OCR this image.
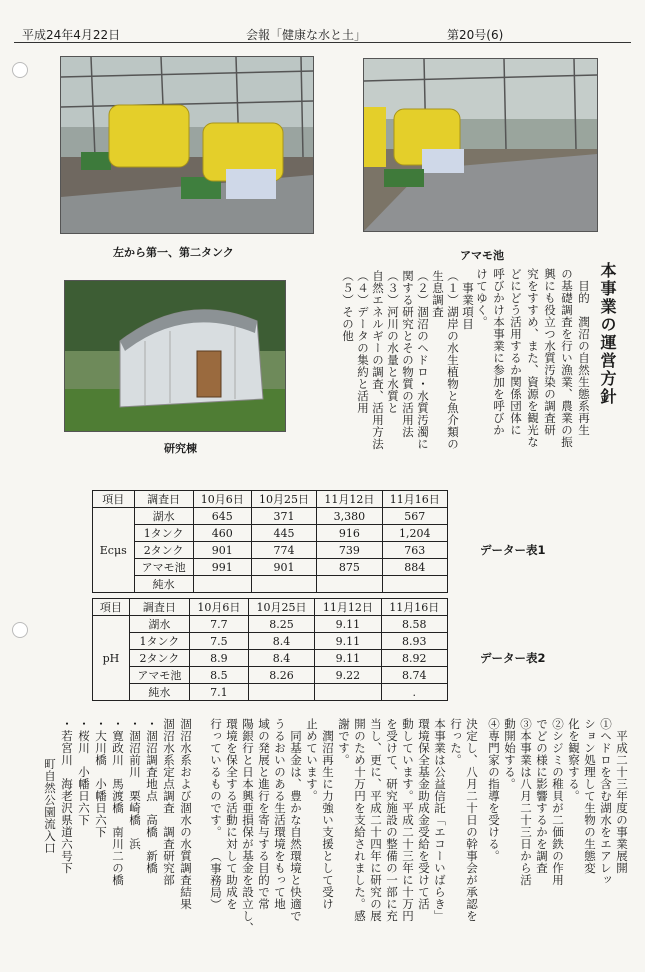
平成24年4月22日	会報「健康な水と土」	第20号(6)
左から第一、第二タンク	アマモ池
研究棟
本事業の運営方針
　目的　潤沼の自然生態系再生
の基礎調査を行い漁業、農業の振
興にも役立つ水質汚染の調査研
究をすすめ、また、資源を観光な
どにどう活用するか関係団体に
呼びかけ本事業に参加を呼びか
けてゆく。
　事業項目
（１）湖岸の水生植物と魚介類の
生息調査
（２）涸沼のヘドロ・水質汚濁に
関する研究とその物質の活用法
（３）河川の水量と水質と
自然エネルギーの調査、活用方法
（４）データの集約と活用
（５）その他
項目	調査日	10月6日	10月25日	11月12日	11月16日
Ecμs	湖水	645	371	3,380	567
	1タンク	460	445	916	1,204
	2タンク	901	774	739	763
	アマモ池	991	901	875	884
	純水				
データー表1
項目	調査日	10月6日	10月25日	11月12日	11月16日
pH	湖水	7.7	8.25	9.11	8.58
	1タンク	7.5	8.4	9.11	8.93
	2タンク	8.9	8.4	9.11	8.92
	アマモ池	8.5	8.26	9.22	8.74
	純水	7.1			.
データー表2
　平成二十三年度の事業展開
①ヘドロを含む湖水をエアレッ
ション処理して生物の生態変
化を観察する。
②シジミの稚貝が二価鉄の作用
でどの様に影響するかを調査
③本事業は八月二十三日から活
動開始する。
④専門家の指導を受ける。
決定し、八月二十日の幹事会が承認を
行った。
本事業は公益信託「エコーいばらき」
環境保全基金助成金受給を受けて活
動しています。平成二十三年に十万円
を受けて、研究施設の整備の一部に充
当し、更に、平成二十四年に研究の展
開のため十万円を支給されました。感
謝です。
　潤沼再生に力強い支援として受け
止めています。
　同基金は、豊かな自然環境と快適で
うるおいのある生活環境をもって地
域の発展と進行を寄与する目的で常
陽銀行と日本興亜損保が基金を設立し、
環境を保全する活動に対して助成を
行っているものです。　　（事務局）
涸沼水系および涸水の水質調査結果
涸沼水系定点調査　調査研究部
・涸沼調査地点　高橋　新橋
・涸沼前川　栗崎橋　浜
・寛政川　馬渡橋　南川二の橋
・大川橋　小幡日六下
・桜川　小幡日六下
・若宮川　海老沢県道六号下
町自然公園流入口
